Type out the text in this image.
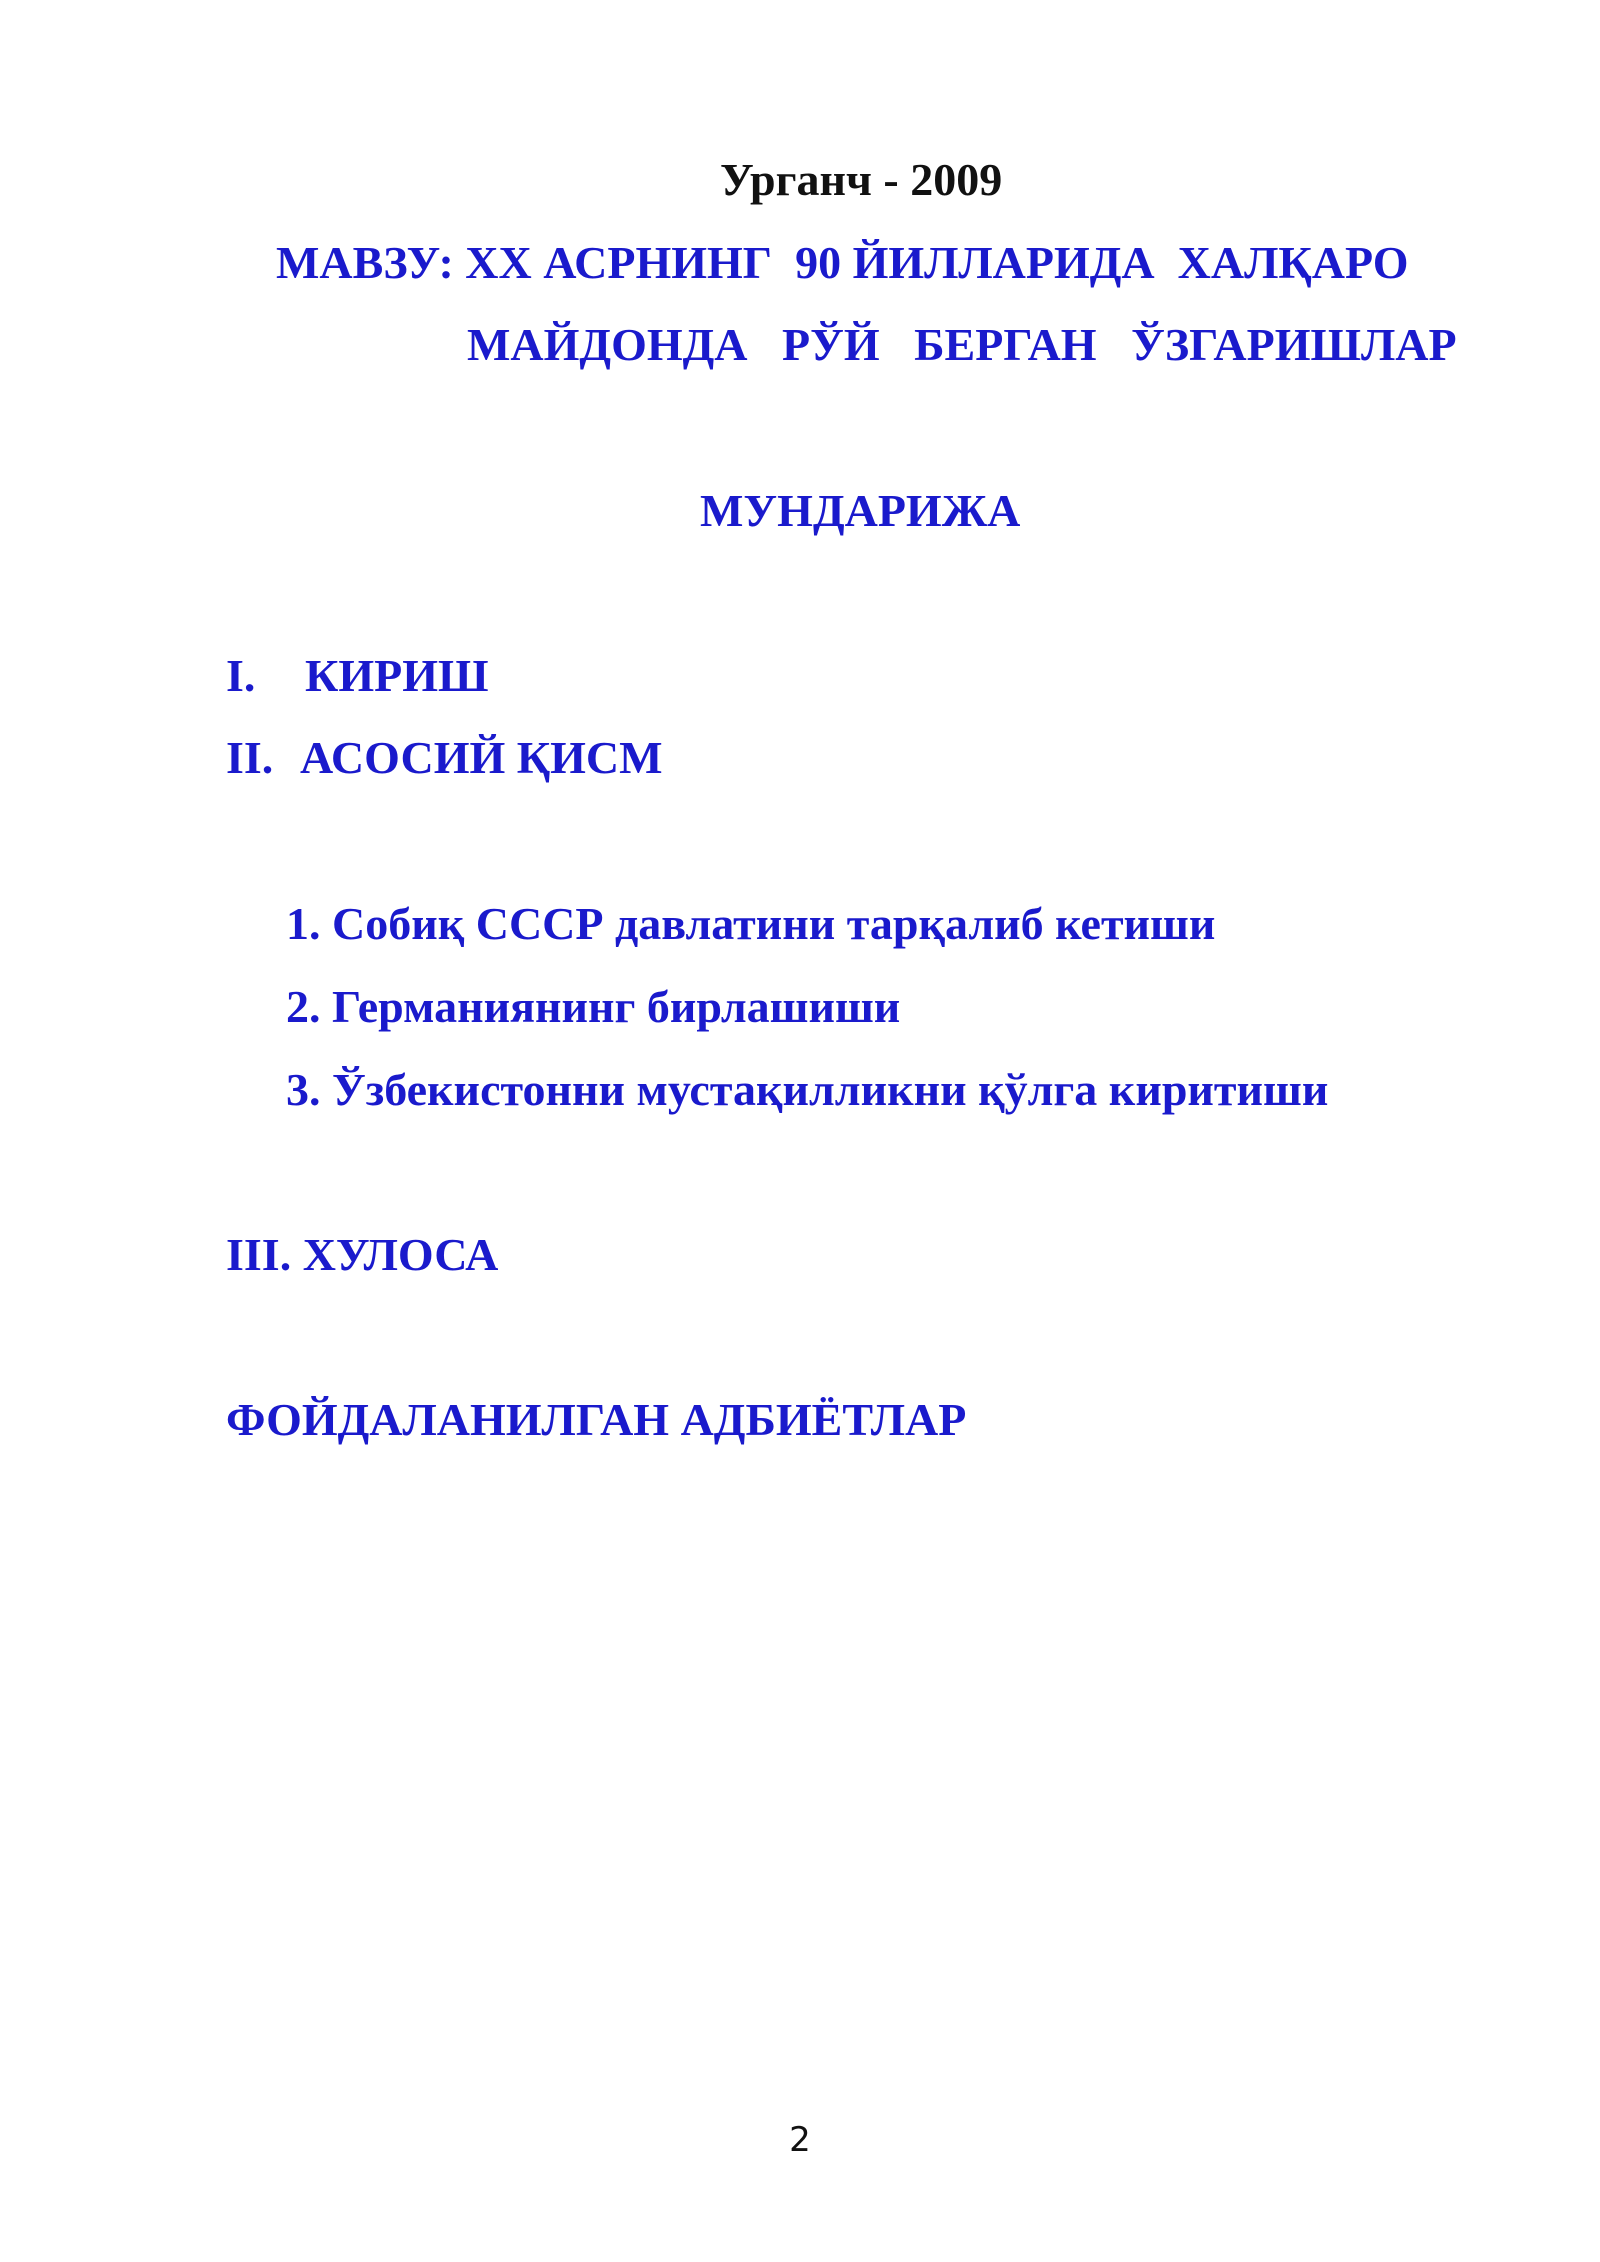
Урганч - 2009
МАВЗУ: ХХ АСРНИНГ  90 ЙИЛЛАРИДА  ХАЛҚАРО
МАЙДОНДА   РЎЙ   БЕРГАН   ЎЗГАРИШЛАР
МУНДАРИЖА
I. КИРИШ
II. АСОСИЙ ҚИСМ
1. Собиқ СССР давлатини тарқалиб кетиши
2. Германиянинг бирлашиши
3. Ўзбекистонни мустақилликни қўлга киритиши
III. ХУЛОСА
ФОЙДАЛАНИЛГАН АДБИЁТЛАР
2
